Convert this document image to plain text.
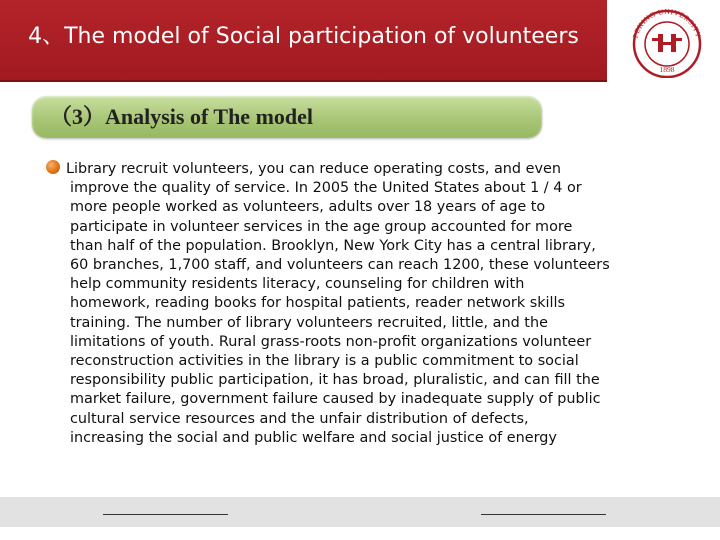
4、The model of Social participation of volunteers	PEKING UNIVERSITY
1898
（3）Analysis of The model
Library recruit volunteers, you can reduce operating costs, and even
improve the quality of service. In 2005 the United States about 1 / 4 or
more people worked as volunteers, adults over 18 years of age to
participate in volunteer services in the age group accounted for more
than half of the population. Brooklyn, New York City has a central library,
60 branches, 1,700 staff, and volunteers can reach 1200, these volunteers
help community residents literacy, counseling for children with
homework, reading books for hospital patients, reader network skills
training. The number of library volunteers recruited, little, and the
limitations of youth. Rural grass-roots non-profit organizations volunteer
reconstruction activities in the library is a public commitment to social
responsibility public participation, it has broad, pluralistic, and can fill the
market failure, government failure caused by inadequate supply of public
cultural service resources and the unfair distribution of defects,
increasing the social and public welfare and social justice of energy
